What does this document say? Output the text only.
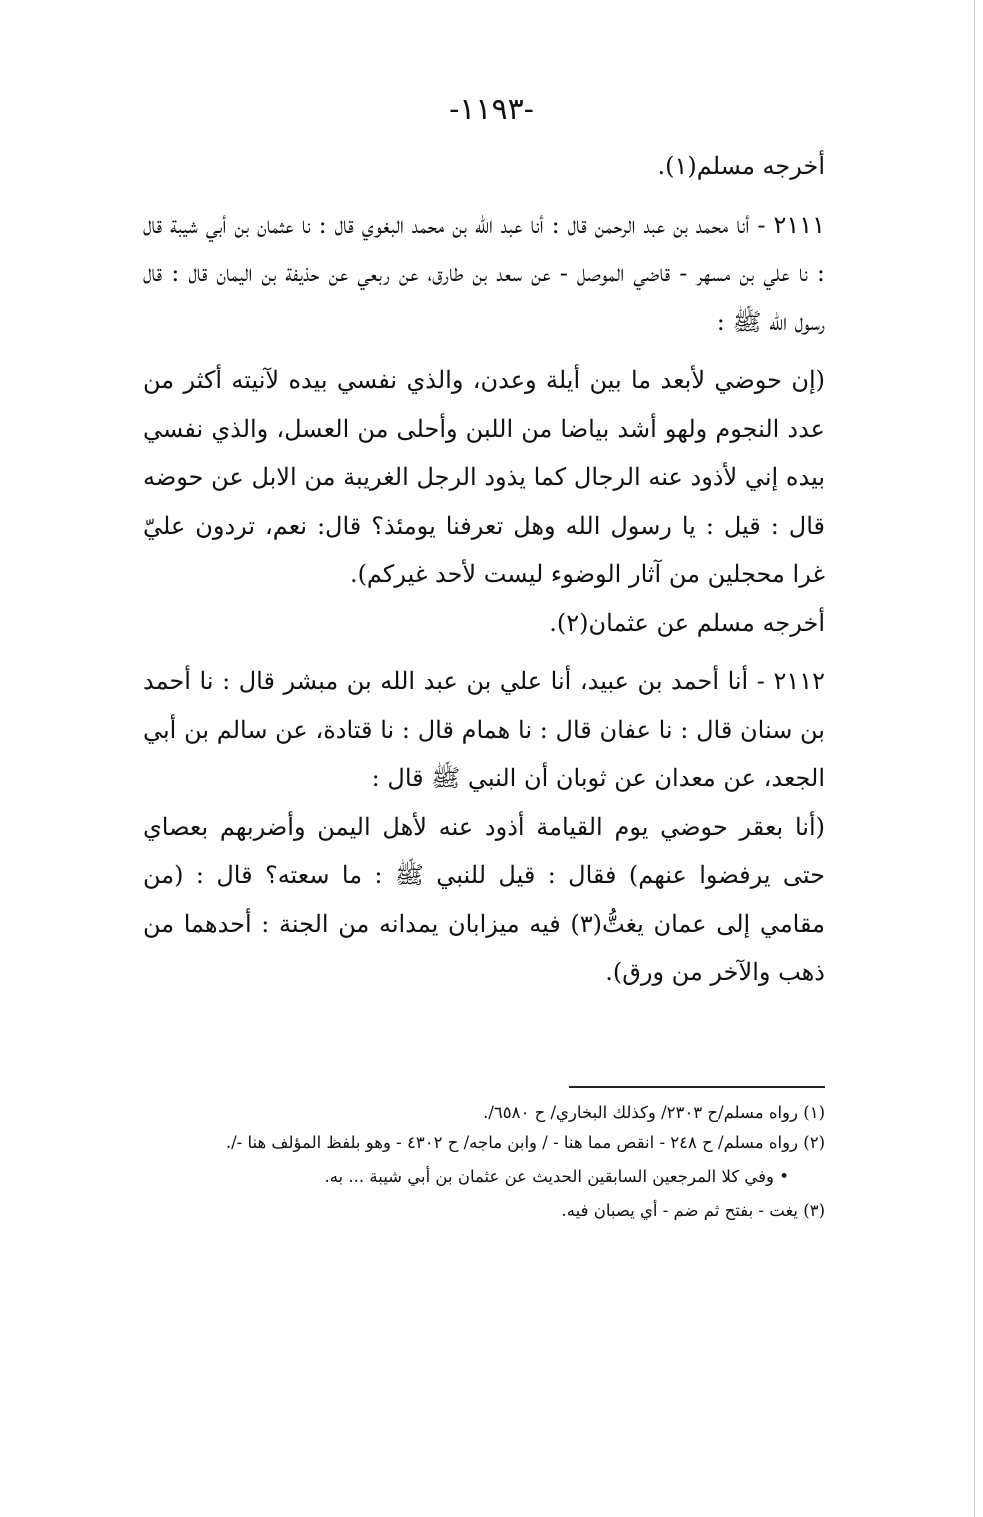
-١١٩٣-

أخرجه مسلم(١).

٢١١١ - أنا محمد بن عبد الرحمن قال : أنا عبد الله بن محمد البغوي قال : نا عثمان بن أبي شيبة قال : نا علي بن مسهر - قاضي الموصل - عن سعد بن طارق، عن ربعي عن حذيفة بن اليمان قال : قال رسول الله ﷺ :

(إن حوضي لأبعد ما بين أيلة وعدن، والذي نفسي بيده لآنيته أكثر من عدد النجوم ولهو أشد بياضا من اللبن وأحلى من العسل، والذي نفسي بيده إني لأذود عنه الرجال كما يذود الرجل الغريبة من الابل عن حوضه قال : قيل : يا رسول الله وهل تعرفنا يومئذ؟ قال: نعم، تردون عليّ غرا محجلين من آثار الوضوء ليست لأحد غيركم).

أخرجه مسلم عن عثمان(٢).

٢١١٢ - أنا أحمد بن عبيد، أنا علي بن عبد الله بن مبشر قال : نا أحمد بن سنان قال : نا عفان قال : نا همام قال : نا قتادة، عن سالم بن أبي الجعد، عن معدان عن ثوبان أن النبي ﷺ قال :

(أنا بعقر حوضي يوم القيامة أذود عنه لأهل اليمن وأضربهم بعصاي حتى يرفضوا عنهم) فقال : قيل للنبي ﷺ : ما سعته؟ قال : (من مقامي إلى عمان يغتُّ(٣) فيه ميزابان يمدانه من الجنة : أحدهما من ذهب والآخر من ورق).

(١) رواه مسلم/ح ٢٣٠٣/ وكذلك البخاري/ ح ٦٥٨٠/.

(٢) رواه مسلم/ ح ٢٤٨ - انقص مما هنا - / وابن ماجه/ ح ٤٣٠٢ - وهو بلفظ المؤلف هنا -/.

• وفي كلا المرجعين السابقين الحديث عن عثمان بن أبي شيبة ... به.

(٣) يغت - بفتح ثم ضم - أي يصبان فيه.
